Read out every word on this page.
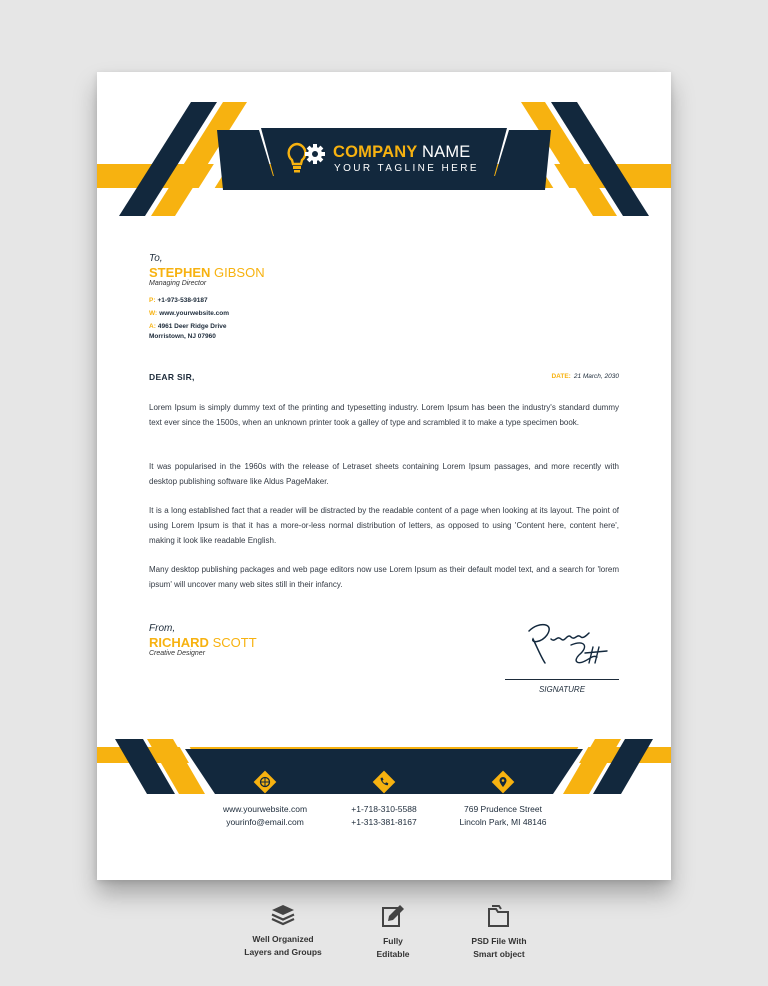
COMPANY NAME
YOUR TAGLINE HERE
To,
STEPHEN GIBSON
Managing Director
P: +1-973-538-9187
W: www.yourwebsite.com
A: 4961 Deer Ridge Drive
Morristown, NJ 07960
DEAR SIR,	DATE: 21 March, 2030

Lorem Ipsum is simply dummy text of the printing and typesetting industry. Lorem Ipsum has been the industry's standard dummy text ever since the 1500s, when an unknown printer took a galley of type and scrambled it to make a type specimen book.

It was popularised in the 1960s with the release of Letraset sheets containing Lorem Ipsum passages, and more recently with desktop publishing software like Aldus PageMaker.

It is a long established fact that a reader will be distracted by the readable content of a page when looking at its layout. The point of using Lorem Ipsum is that it has a more-or-less normal distribution of letters, as opposed to using 'Content here, content here', making it look like readable English.

Many desktop publishing packages and web page editors now use Lorem Ipsum as their default model text, and a search for 'lorem ipsum' will uncover many web sites still in their infancy.

From,
RICHARD SCOTT
Creative Designer
SIGNATURE
www.yourwebsite.com
yourinfo@email.com
+1-718-310-5588
+1-313-381-8167
769 Prudence Street
Lincoln Park, MI 48146
Well Organized
Layers and Groups
Fully
Editable
PSD File With
Smart object
